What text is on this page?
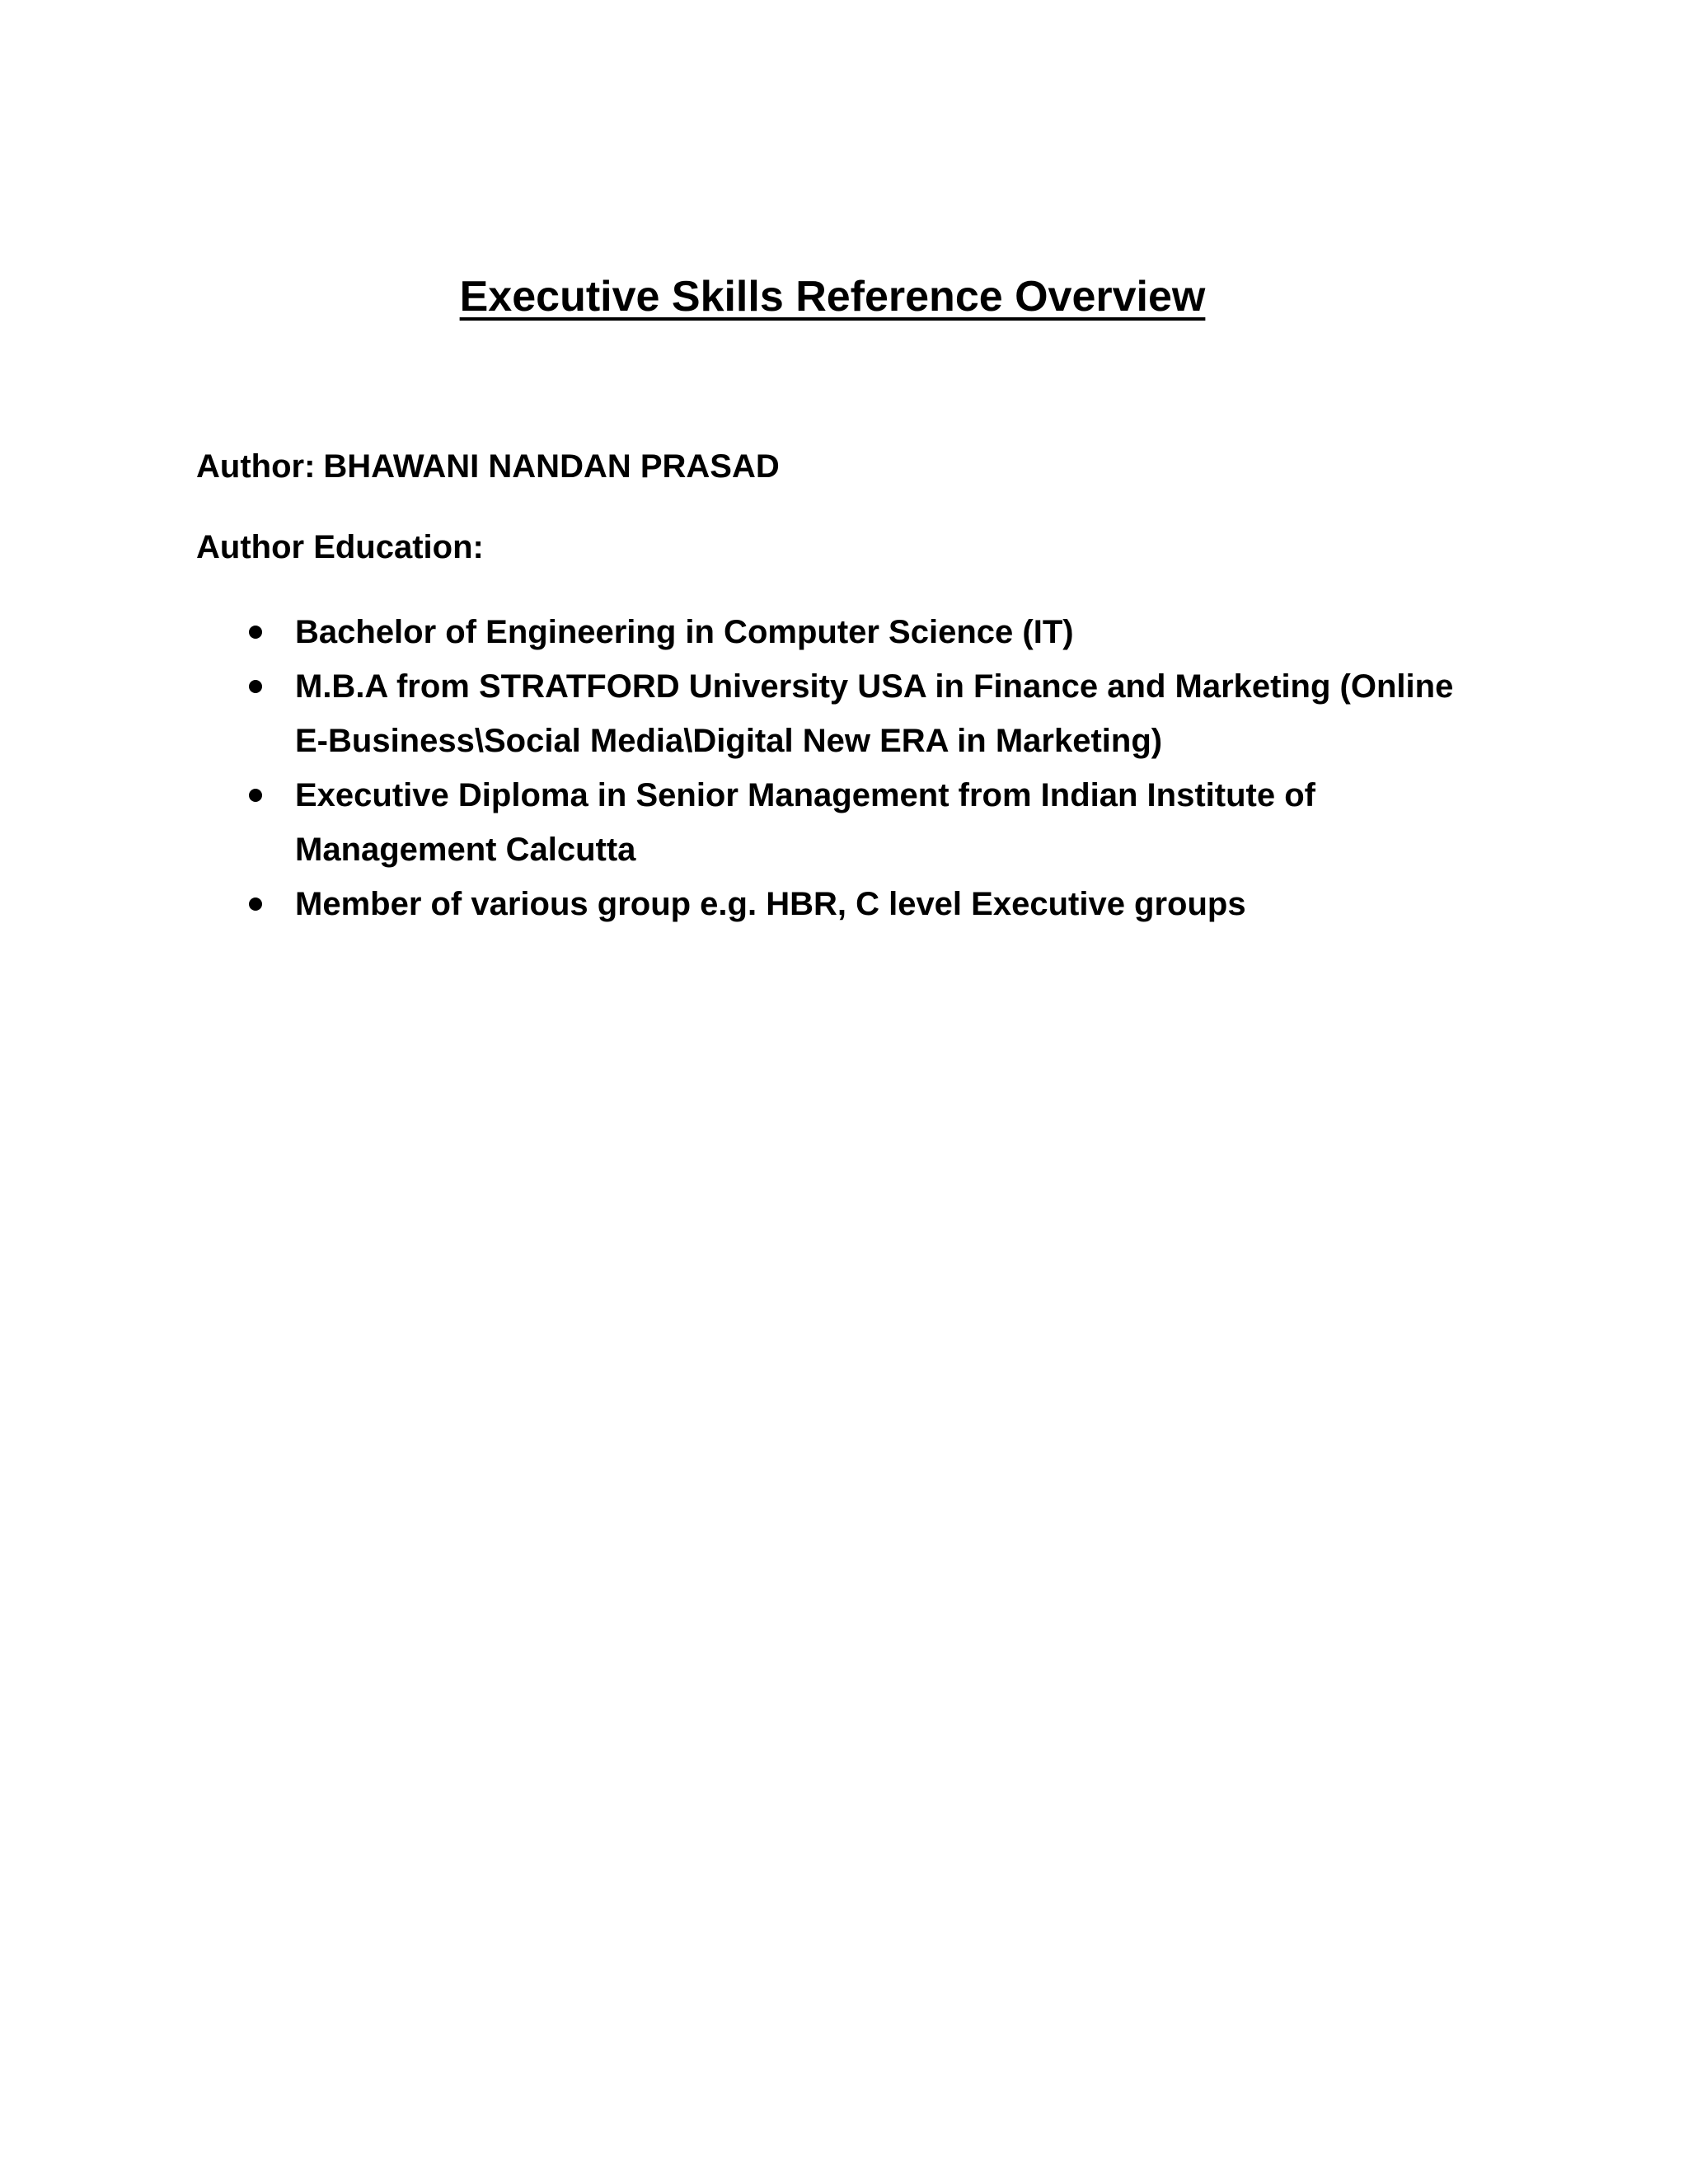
Executive Skills Reference Overview

Author: BHAWANI NANDAN PRASAD

Author Education:

Bachelor of Engineering in Computer Science (IT)
M.B.A from STRATFORD University USA in Finance and Marketing (Online E-Business\Social Media\Digital New ERA in Marketing)
Executive Diploma in Senior Management from Indian Institute of Management Calcutta
Member of various group e.g. HBR, C level Executive groups
